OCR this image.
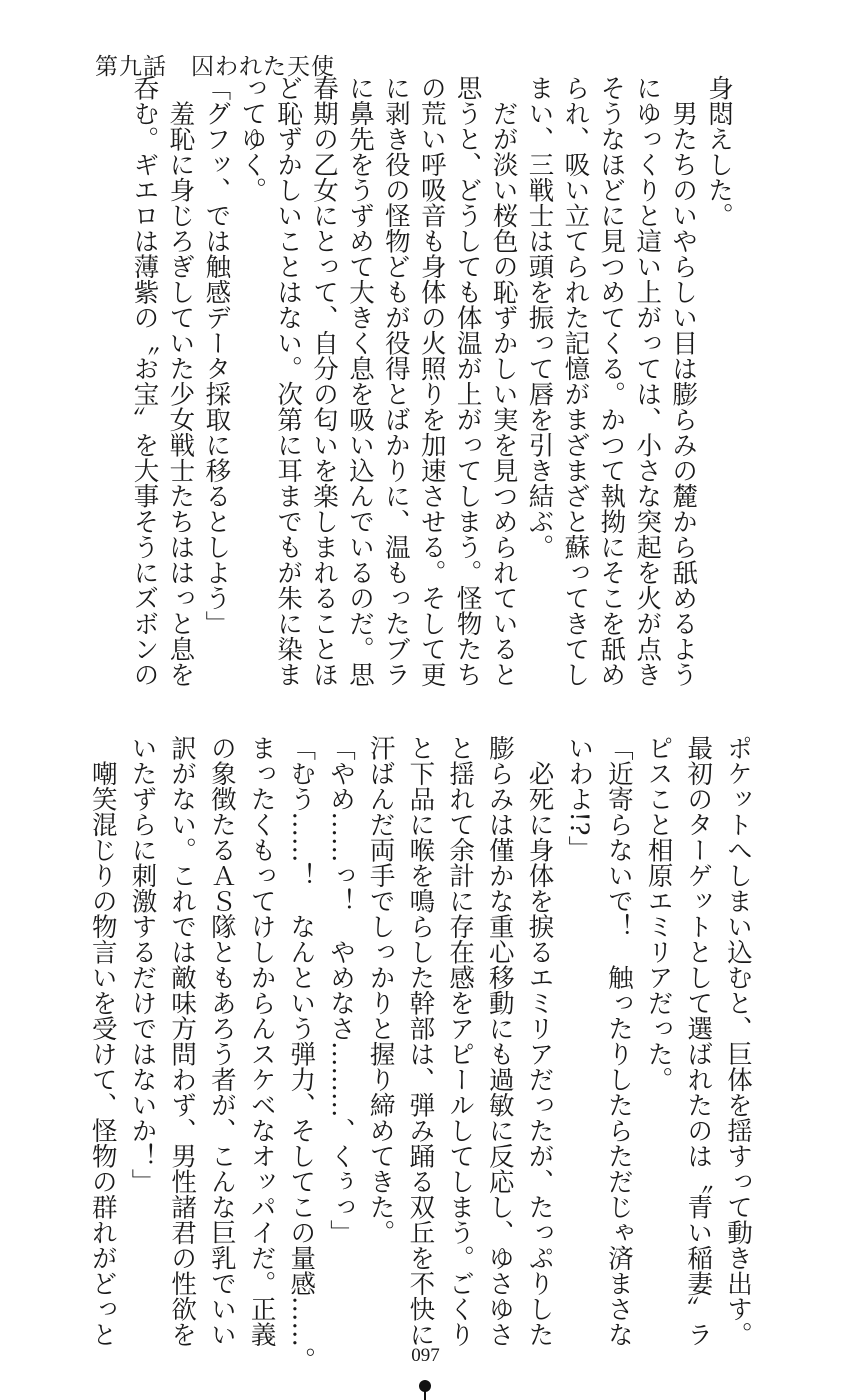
第九話　囚われた天使
身悶えした。
　男たちのいやらしい目は膨らみの麓から舐めるよう
にゆっくりと這い上がっては、小さな突起を火が点き
そうなほどに見つめてくる。かつて執拗にそこを舐め
られ、吸い立てられた記憶がまざまざと蘇ってきてし
まい、三戦士は頭を振って唇を引き結ぶ。
　だが淡い桜色の恥ずかしい実を見つめられていると
思うと、どうしても体温が上がってしまう。怪物たち
の荒い呼吸音も身体の火照りを加速させる。そして更
に剥き役の怪物どもが役得とばかりに、温もったブラ
に鼻先をうずめて大きく息を吸い込んでいるのだ。思
春期の乙女にとって、自分の匂いを楽しまれることほ
ど恥ずかしいことはない。次第に耳までもが朱に染ま
ってゆく。
「グフッ、では触感データ採取に移るとしよう」
　羞恥に身じろぎしていた少女戦士たちははっと息を
呑む。ギエロは薄紫の〝お宝〟を大事そうにズボンの
ポケットへしまい込むと、巨体を揺すって動き出す。
最初のターゲットとして選ばれたのは〝青い稲妻〟ラ
ピスこと相原エミリアだった。
「近寄らないで！　触ったりしたらただじゃ済まさな
いわよ!?」
　必死に身体を捩るエミリアだったが、たっぷりした
膨らみは僅かな重心移動にも過敏に反応し、ゆさゆさ
と揺れて余計に存在感をアピールしてしまう。ごくり
と下品に喉を鳴らした幹部は、弾み踊る双丘を不快に
汗ばんだ両手でしっかりと握り締めてきた。
「やめ……っ！　やめなさ………、くぅっ」
「むう……！　なんという弾力、そしてこの量感……。
まったくもってけしからんスケベなオッパイだ。正義
の象徴たるＡＳ隊ともあろう者が、こんな巨乳でいい
訳がない。これでは敵味方問わず、男性諸君の性欲を
いたずらに刺激するだけではないか！」
　嘲笑混じりの物言いを受けて、怪物の群れがどっと
097
